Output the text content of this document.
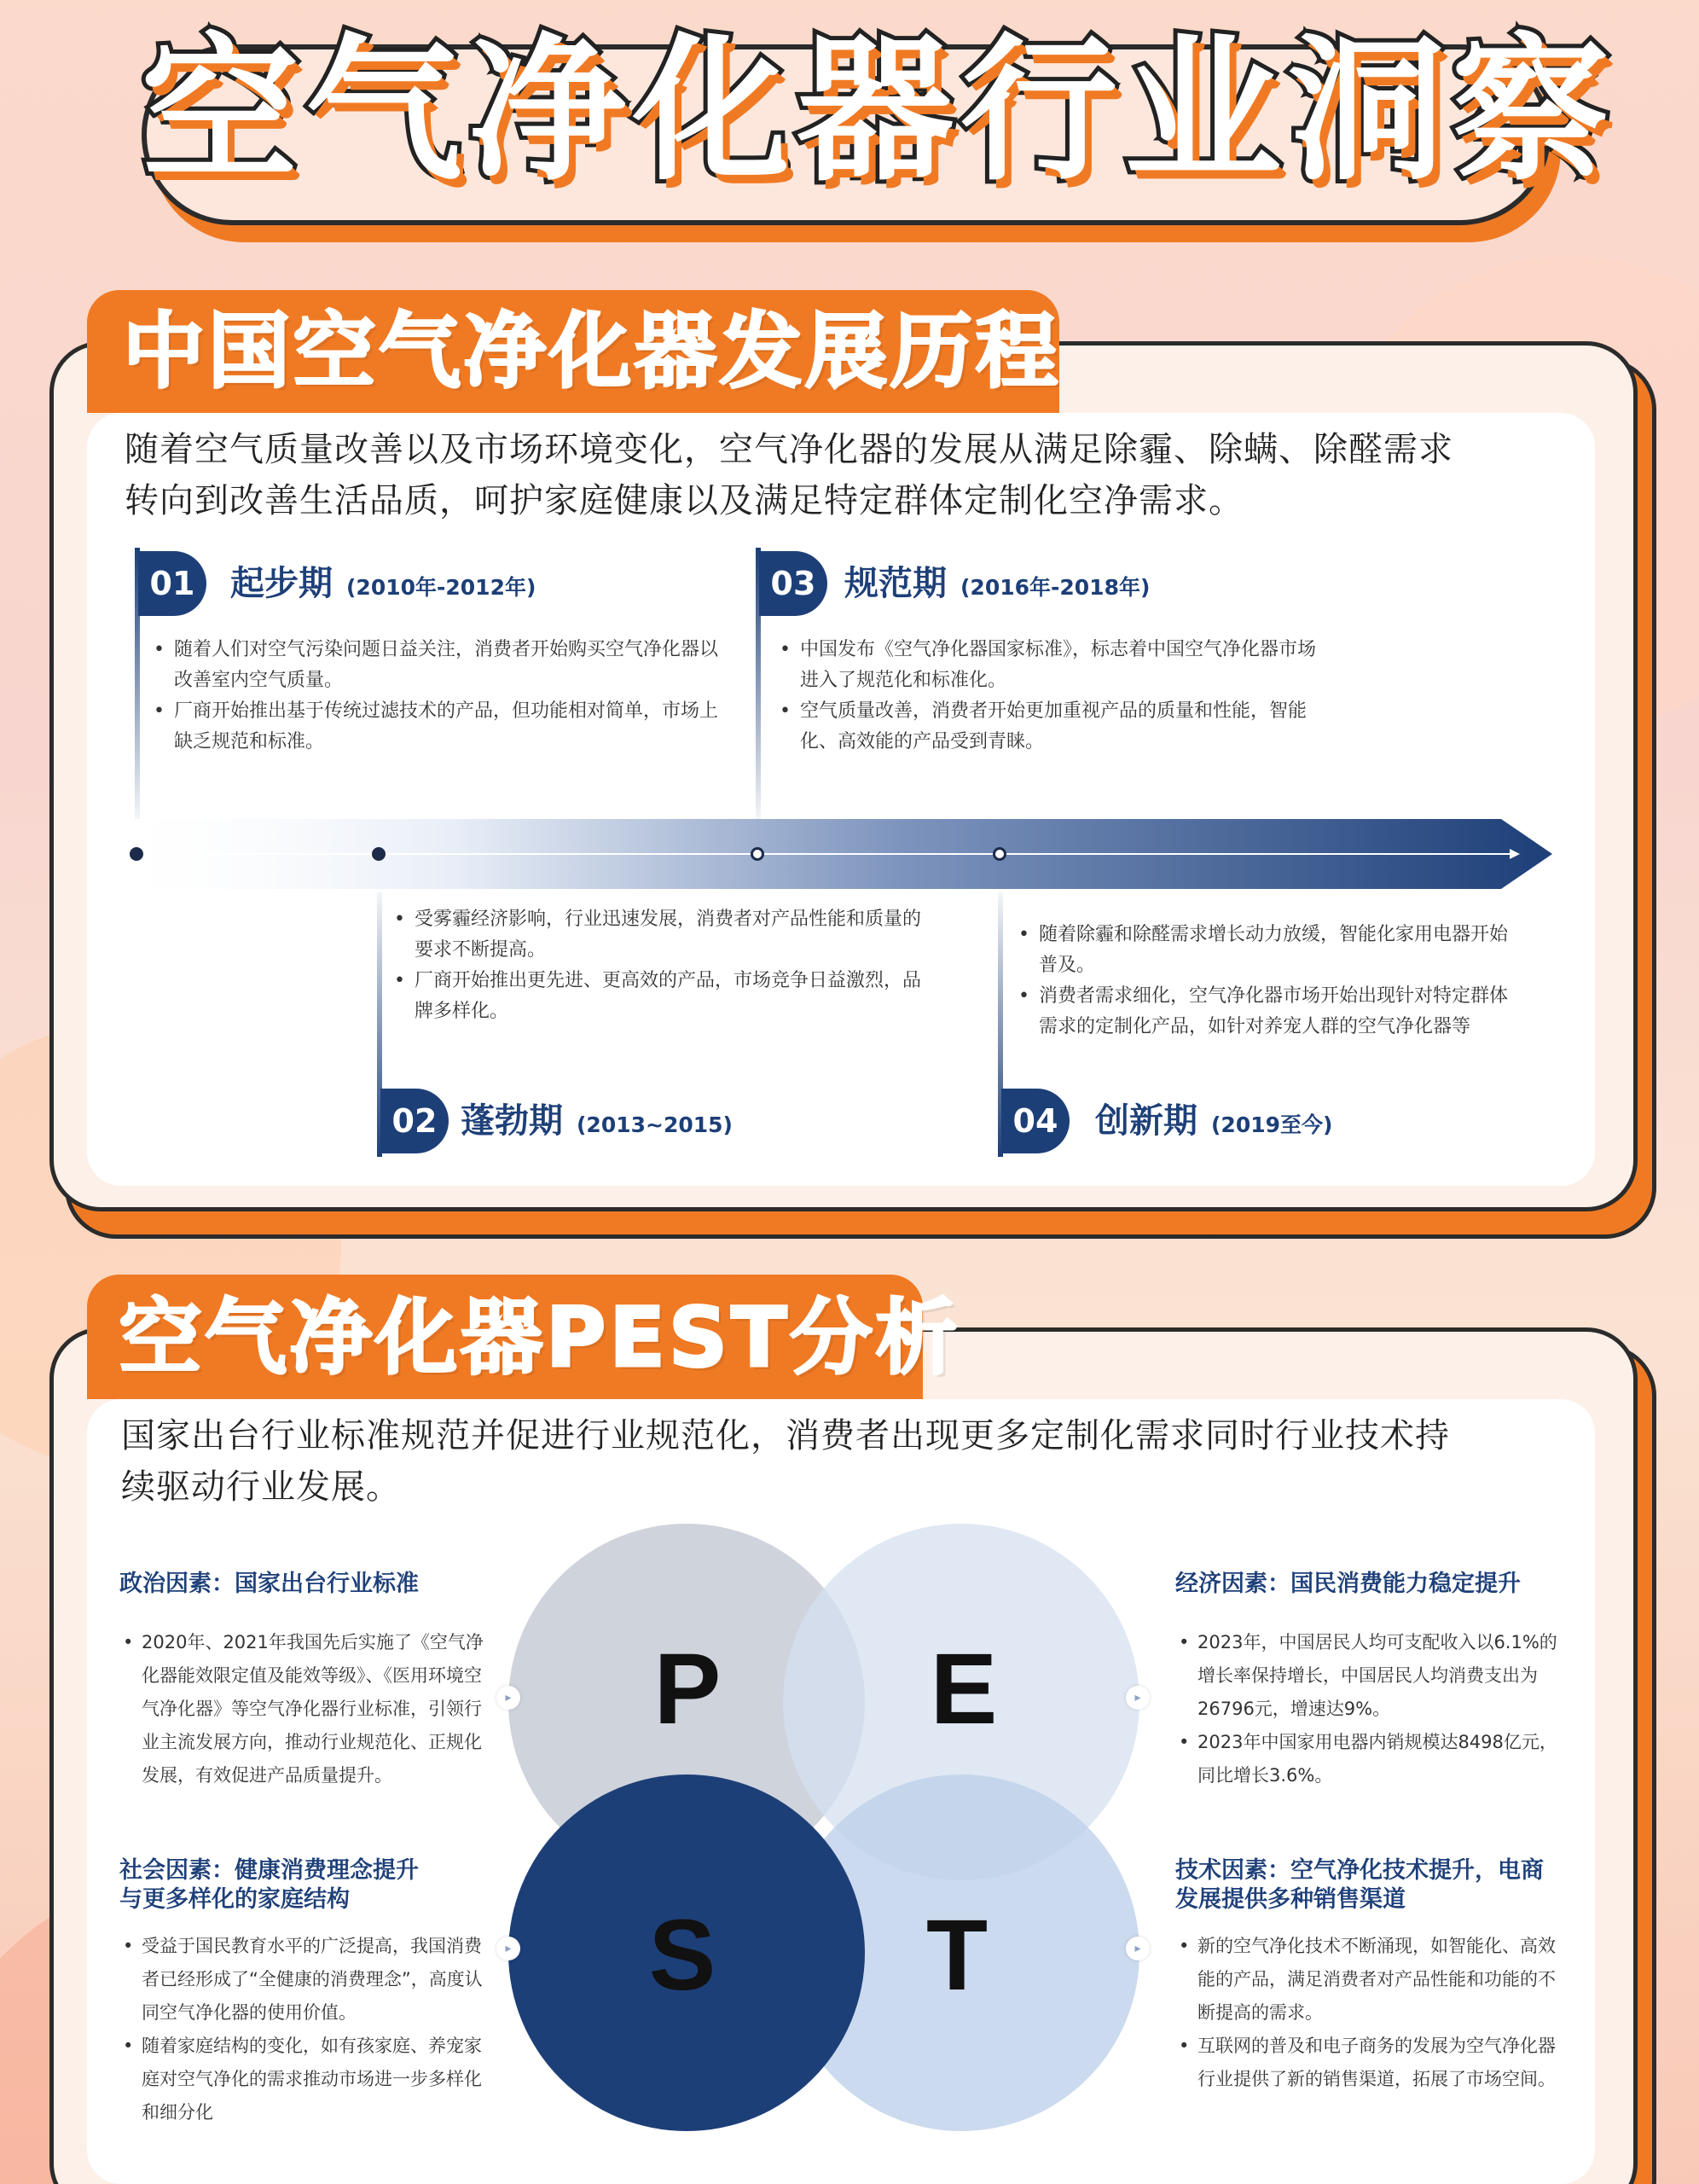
空气净化器行业洞察
中国空气净化器发展历程
随着空气质量改善以及市场环境变化，空气净化器的发展从满足除霾、除螨、除醛需求
转向到改善生活品质，呵护家庭健康以及满足特定群体定制化空净需求。
01	起步期 (2010年-2012年)
• 随着人们对空气污染问题日益关注，消费者开始购买空气净化器以改善室内空气质量。
• 厂商开始推出基于传统过滤技术的产品，但功能相对简单，市场上缺乏规范和标准。
03 规范期 (2016年-2018年)
• 中国发布《空气净化器国家标准》，标志着中国空气净化器市场进入了规范化和标准化。
• 空气质量改善，消费者开始更加重视产品的质量和性能，智能化、高效能的产品受到青睐。
• 受雾霾经济影响，行业迅速发展，消费者对产品性能和质量的要求不断提高。
• 厂商开始推出更先进、更高效的产品，市场竞争日益激烈，品牌多样化。
02 蓬勃期 (2013~2015)
• 随着除霾和除醛需求增长动力放缓，智能化家用电器开始普及。
• 消费者需求细化，空气净化器市场开始出现针对特定群体需求的定制化产品，如针对养宠人群的空气净化器等
04	创新期 (2019至今)
空气净化器PEST分析
国家出台行业标准规范并促进行业规范化，消费者出现更多定制化需求同时行业技术持
续驱动行业发展。
政治因素：国家出台行业标准
• 2020年、2021年我国先后实施了《空气净化器能效限定值及能效等级》、《医用环境空气净化器》等空气净化器行业标准，引领行业主流发展方向，推动行业规范化、正规化发展，有效促进产品质量提升。
社会因素：健康消费理念提升
与更多样化的家庭结构
• 受益于国民教育水平的广泛提高，我国消费者已经形成了“全健康的消费理念”，高度认同空气净化器的使用价值。
• 随着家庭结构的变化，如有孩家庭、养宠家庭对空气净化的需求推动市场进一步多样化和细分化
经济因素：国民消费能力稳定提升
• 2023年，中国居民人均可支配收入以6.1%的增长率保持增长，中国居民人均消费支出为26796元，增速达9%。
• 2023年中国家用电器内销规模达8498亿元，同比增长3.6%。
技术因素：空气净化技术提升，电商
发展提供多种销售渠道
• 新的空气净化技术不断涌现，如智能化、高效能的产品，满足消费者对产品性能和功能的不断提高的需求。
• 互联网的普及和电子商务的发展为空气净化器行业提供了新的销售渠道，拓展了市场空间。
P	E
S	T
▸	▸
▸	▸
